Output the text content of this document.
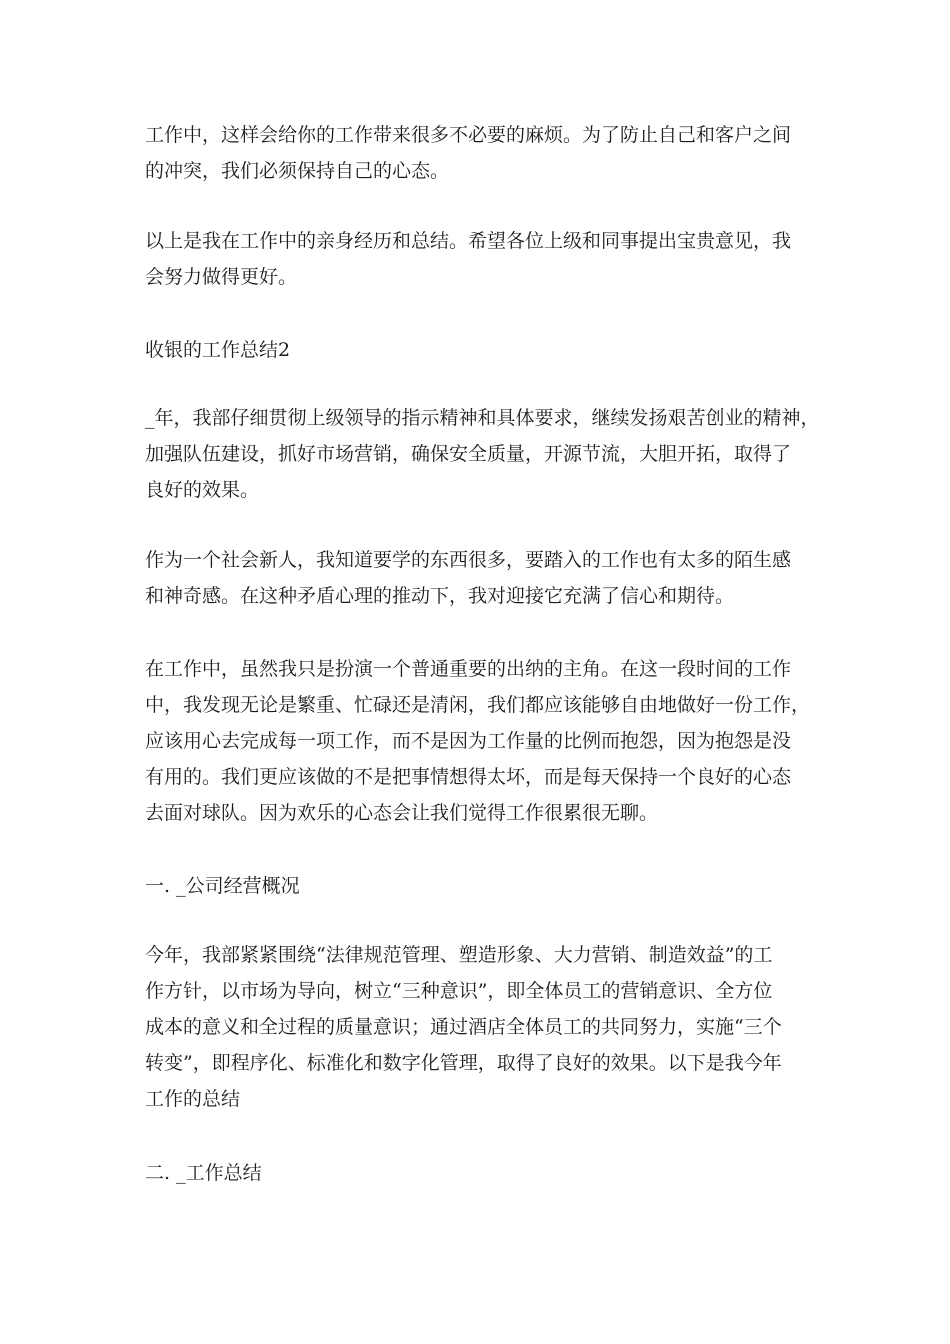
工作中，这样会给你的工作带来很多不必要的麻烦。为了防止自己和客户之间
的冲突，我们必须保持自己的心态。

以上是我在工作中的亲身经历和总结。希望各位上级和同事提出宝贵意见，我
会努力做得更好。

收银的工作总结2

_年，我部仔细贯彻上级领导的指示精神和具体要求，继续发扬艰苦创业的精神，
加强队伍建设，抓好市场营销，确保安全质量，开源节流，大胆开拓，取得了
良好的效果。

作为一个社会新人，我知道要学的东西很多，要踏入的工作也有太多的陌生感
和神奇感。在这种矛盾心理的推动下，我对迎接它充满了信心和期待。

在工作中，虽然我只是扮演一个普通重要的出纳的主角。在这一段时间的工作
中，我发现无论是繁重、忙碌还是清闲，我们都应该能够自由地做好一份工作，
应该用心去完成每一项工作，而不是因为工作量的比例而抱怨，因为抱怨是没
有用的。我们更应该做的不是把事情想得太坏，而是每天保持一个良好的心态
去面对球队。因为欢乐的心态会让我们觉得工作很累很无聊。

一. _公司经营概况

今年，我部紧紧围绕“法律规范管理、塑造形象、大力营销、制造效益”的工
作方针，以市场为导向，树立“三种意识”，即全体员工的营销意识、全方位
成本的意义和全过程的质量意识；通过酒店全体员工的共同努力，实施“三个
转变”，即程序化、标准化和数字化管理，取得了良好的效果。以下是我今年
工作的总结

二. _工作总结
